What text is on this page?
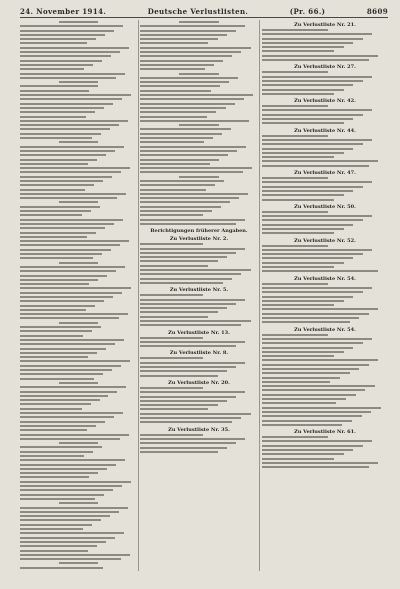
24. November 1914.	Deutsche Verlustlisten.	(Pr. 66.)	8609
Berichtigungen früherer Angaben.
Zu Verlustliste Nr. 2.
Zu Verlustliste Nr. 5.
Zu Verlustliste Nr. 13.
Zu Verlustliste Nr. 8.
Zu Verlustliste Nr. 20.
Zu Verlustliste Nr. 35.
Zu Verlustliste Nr. 21.
Zu Verlustliste Nr. 27.
Zu Verlustliste Nr. 42.
Zu Verlustliste Nr. 44.
Zu Verlustliste Nr. 47.
Zu Verlustliste Nr. 50.
Zu Verlustliste Nr. 52.
Zu Verlustliste Nr. 54.
Zu Verlustliste Nr. 54.
Zu Verlustliste Nr. 61.
